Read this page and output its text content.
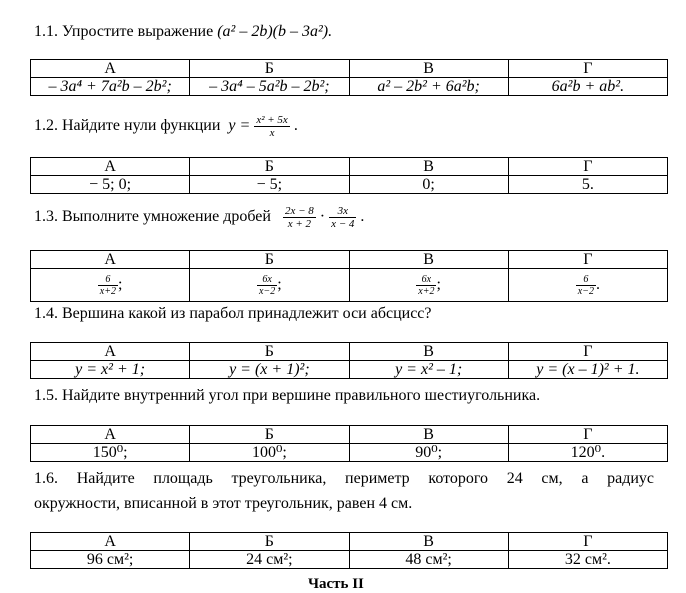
1.1. Упростите выражение (a² – 2b)(b – 3a²).
А	Б	В	Г
– 3a⁴ + 7a²b – 2b²;	– 3a⁴ – 5a²b – 2b²;	a² – 2b² + 6a²b;	6a²b + ab².
1.2. Найдите нули функции $y = \frac{\text{x² + 5x}}{x}$ .
А	Б	В	Г
− 5; 0;	− 5;	0;	5.
1.3. Выполните умножение дробей $\frac{2x - 8}{x + 2} \cdot \frac{3x}{x - 4}$ .
А	Б	В	Г

$\frac{6}{x+2}$ ;	$\frac{6x}{x-2}$ ;	$\frac{6x}{x+2}$ ;	$\frac{6}{x-2}$ .
1.4. Вершина какой из парабол принадлежит оси абсцисс?
А	Б	В	Г
y = x² + 1;	y = (x + 1)²;	y = x² – 1;	y = (x – 1)² + 1.
1.5. Найдите внутренний угол при вершине правильного шестиугольника.
А	Б	В	Г
150⁰;	100⁰;	90⁰;	120⁰.
1.6. Найдите площадь треугольника, периметр которого 24 см, а радиус
окружности, вписанной в этот треугольник, равен 4 см.
А	Б	В	Г
96 см²;	24 см²;	48 см²;	32 см².
Часть II
